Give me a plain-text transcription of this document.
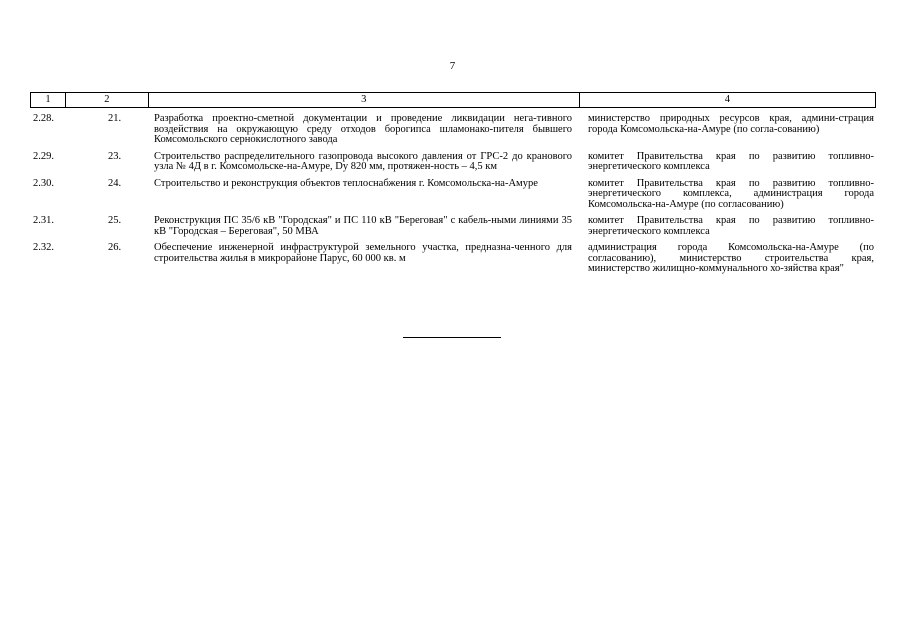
7
1	2	3	4
2.28.	21.	Разработка проектно-сметной документации и проведение ликвидации нега-тивного воздействия на окружающую среду отходов борогипса шламонако-пителя бывшего Комсомольского сернокислотного завода
министерство природных ресурсов края, админи-страция города Комсомольска-на-Амуре (по согла-сованию)
2.29.	23.	Строительство распределительного газопровода высокого давления от ГРС-2 до кранового узла № 4Д в г. Комсомольске-на-Амуре, Dy 820 мм, протяжен-ность – 4,5 км
комитет Правительства края по развитию топливно-энергетического комплекса
2.30.	24.	Строительство и реконструкция объектов теплоснабжения г. Комсомольска-на-Амуре	комитет Правительства края по развитию топливно-энергетического комплекса, администрация города Комсомольска-на-Амуре (по согласованию)
2.31.	25.	Реконструкция ПС 35/6 кВ "Городская" и ПС 110 кВ "Береговая" с кабель-ными линиями 35 кВ "Городская – Береговая", 50 МВА
комитет Правительства края по развитию топливно-энергетического комплекса
2.32.	26.	Обеспечение инженерной инфраструктурой земельного участка, предназна-ченного для строительства жилья в микрорайоне Парус, 60 000 кв. м
администрация города Комсомольска-на-Амуре (по согласованию), министерство строительства края, министерство жилищно-коммунального хо-зяйства края"
